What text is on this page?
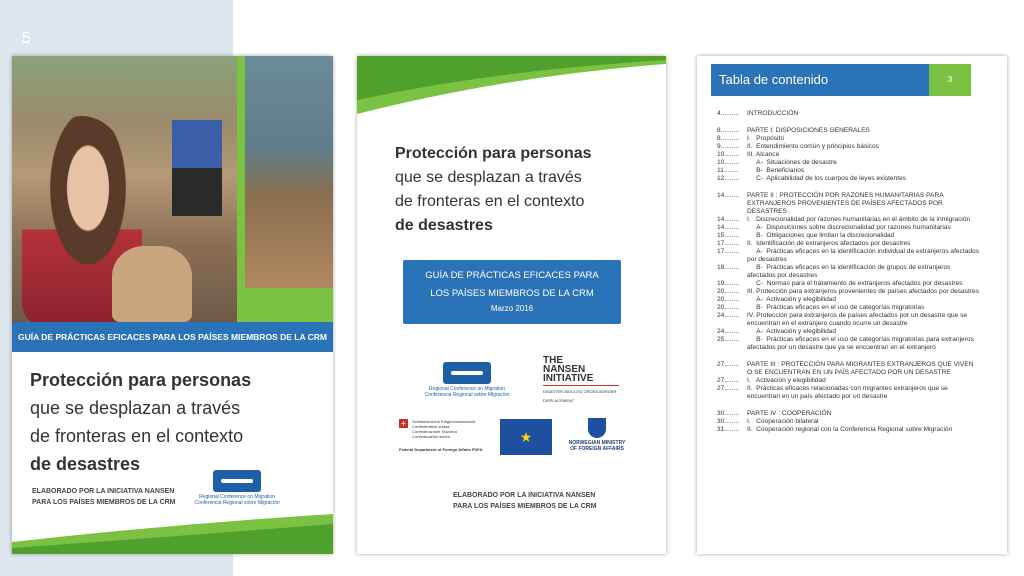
5
GUÍA DE PRÁCTICAS EFICACES PARA LOS PAÍSES MIEMBROS DE LA CRM
Protección para personas
que se desplazan a través
de fronteras en el contexto
de desastres
ELABORADO POR LA INICIATIVA NANSEN
PARA LOS PAÍSES MIEMBROS DE LA CRM
Regional Conference on Migration
Conferencia Regional sobre Migración
Protección para personas
que se desplazan a través
de fronteras en el contexto
de desastres
GUÍA DE PRÁCTICAS EFICACES PARA
LOS PAÍSES MIEMBROS DE LA CRM
Marzo 2016
Regional Conference on Migration
Conferencia Regional sobre Migración
THE
NANSEN
INITIATIVE
DISASTER-INDUCED CROSS-BORDER DISPLACEMENT
+ Schweizerische Eidgenossenschaft
Confédération suisse
Confederazione Svizzera
Confederaziun svizra
Federal Department of Foreign Affairs FDFA
★	NORWEGIAN MINISTRY
OF FOREIGN AFFAIRS
ELABORADO POR LA INICIATIVA NANSEN
PARA LOS PAÍSES MIEMBROS DE LA CRM
Tabla de contenido	3
4..........	INTRODUCCIÓN
8..........	PARTE I: DISPOSICIONES GENERALES
8..........	I.   Propósito
9..........	II.  Entendimiento común y principios básicos
10........	III. Alcance
10........	A-  Situaciones de desastre
11........	B-  Beneficiarios
12........	C-  Aplicabilidad de los cuerpos de leyes existentes
14........	PARTE II : PROTECCIÓN POR RAZONES HUMANITARIAS PARA EXTRANJEROS PROVENIENTES DE PAÍSES AFECTADOS POR DESASTRES
14........	I.   Discrecionalidad por razones humanitarias en el ámbito de la inmigración
14........	A-  Disposiciones sobre discrecionalidad por razones humanitarias
15........	B-  Obligaciones que limitan la discrecionalidad
17........	II.  Identificación de extranjeros afectados por desastres
17........	A-  Prácticas eficaces en la identificación individual de extranjeros afectados por desastres
18........	B-  Prácticas eficaces en la identificación de grupos de extranjeros afectados por desastres
19........	C-  Normas para el tratamiento de extranjeros afectados por desastres
20........	III. Protección para extranjeros provenientes de países afectados por desastres
20........	A-  Activación y elegibilidad
20........	B-  Prácticas eficaces en el uso de categorías migratorias
24........	IV. Protección para extranjeros de países afectados por un desastre que se encuentran en el extranjero cuando ocurre un desastre
24........	A-  Activación y elegibilidad
25........	B-  Prácticas eficaces en el uso de categorías migratorias para extranjeros afectados por un desastre que ya se encuentran en el extranjero
27........	PARTE III : PROTECCIÓN PARA MIGRANTES EXTRANJEROS QUE VIVEN O SE ENCUENTRAN EN UN PAÍS AFECTADO POR UN DESASTRE
27........	I.   Activación y elegibilidad
27........	II.  Prácticas eficaces relacionadas con migrantes extranjeros que se encuentran en un país afectado por un desastre
30........	PARTE IV : COOPERACIÓN
30........	I.   Cooperación bilateral
31........	II.  Cooperación regional con la Conferencia Regional sobre Migración
